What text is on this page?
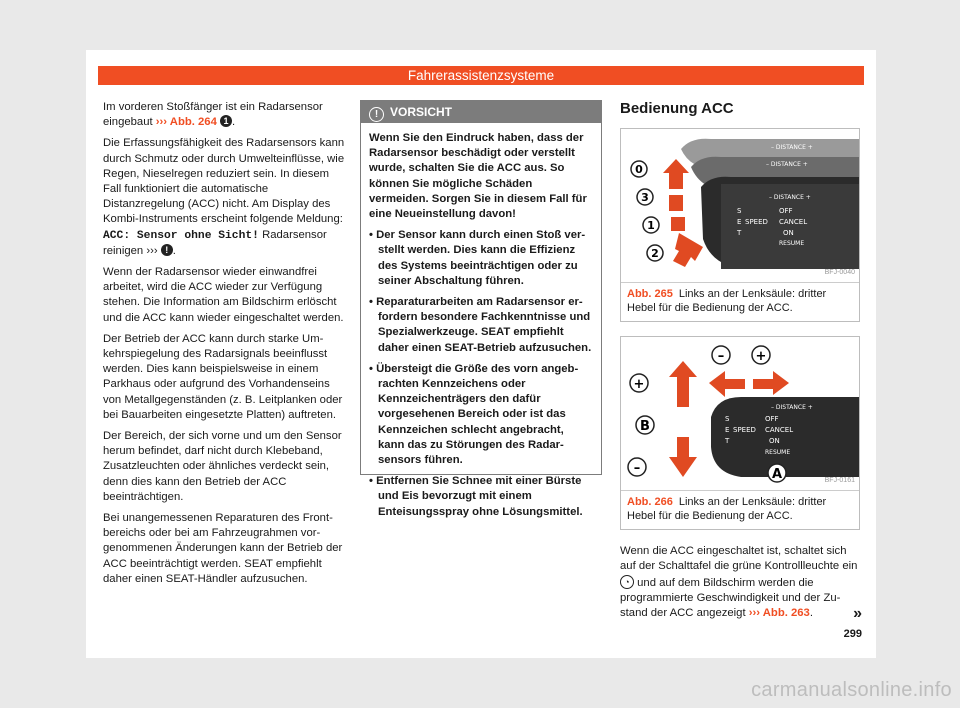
Fahrerassistenzsysteme

Im vorderen Stoßfänger ist ein Radarsensor eingebaut ››› Abb. 264 1 .

Die Erfassungsfähigkeit des Radarsensors kann durch Schmutz oder durch Umwelteinflüsse, wie Regen, Nieselregen reduziert sein. In diesem Fall funktioniert die automatische Distanzregelung (ACC) nicht. Am Display des Kombi-Instruments erscheint folgende Meldung: ACC: Sensor ohne Sicht! Radarsensor reinigen ››› ! .

Wenn der Radarsensor wieder einwandfrei arbeitet, wird die ACC wieder zur Verfügung stehen. Die Information am Bildschirm erlöscht und die ACC kann wieder eingeschaltet werden.

Der Betrieb der ACC kann durch starke Umkehrspiegelung des Radarsignals beeinflusst werden. Dies kann beispielsweise in einem Parkhaus oder aufgrund des Vorhandenseins von Metallgegenständen (z. B. Leitplanken oder bei Bauarbeiten eingesetzte Platten) auftreten.

Der Bereich, der sich vorne und um den Sensor herum befindet, darf nicht durch Klebeband, Zusatzleuchten oder ähnliches verdeckt sein, denn dies kann den Betrieb der ACC beeinträchtigen.

Bei unangemessenen Reparaturen des Frontbereichs oder bei am Fahrzeugrahmen vorgenommenen Änderungen kann der Betrieb der ACC beeinträchtigt werden. SEAT empfiehlt daher einen SEAT-Händler aufzusuchen.

! VORSICHT

Wenn Sie den Eindruck haben, dass der Radarsensor beschädigt oder verstellt wurde, schalten Sie die ACC aus. So können Sie mögliche Schäden vermeiden. Sorgen Sie in diesem Fall für eine Neueinstellung davon!

• Der Sensor kann durch einen Stoß verstellt werden. Dies kann die Effizienz des Systems beeinträchtigen oder zu seiner Abschaltung führen.

• Reparaturarbeiten am Radarsensor erfordern besondere Fachkenntnisse und Spezialwerkzeuge. SEAT empfiehlt daher einen SEAT-Betrieb aufzusuchen.

• Übersteigt die Größe des vorn angebrachten Kennzeichens oder Kennzeichenträgers den dafür vorgesehenen Bereich oder ist das Kennzeichen schlecht angebracht, kann das zu Störungen des Radarsensors führen.

• Entfernen Sie Schnee mit einer Bürste und Eis bevorzugt mit einem Enteisungsspray ohne Lösungsmittel.

Bedienung ACC
– DISTANCE +
– DISTANCE +
– DISTANCE +
S
E
T
SPEED
OFF
CANCEL
ON
RESUME
0
3
1
2
BFJ-0040
Abb. 265 Links an der Lenksäule: dritter Hebel für die Bedienung der ACC.
– DISTANCE +
S
E
T
SPEED
OFF
CANCEL
ON
RESUME
– +
+
B
–	A	BFJ-0161
Abb. 266 Links an der Lenksäule: dritter Hebel für die Bedienung der ACC.

Wenn die ACC eingeschaltet ist, schaltet sich auf der Schalttafel die grüne Kontrollleuchte ein ◔ und auf dem Bildschirm werden die programmierte Geschwindigkeit und der Zustand der ACC angezeigt ››› Abb. 263.	»
299
carmanualsonline.info
